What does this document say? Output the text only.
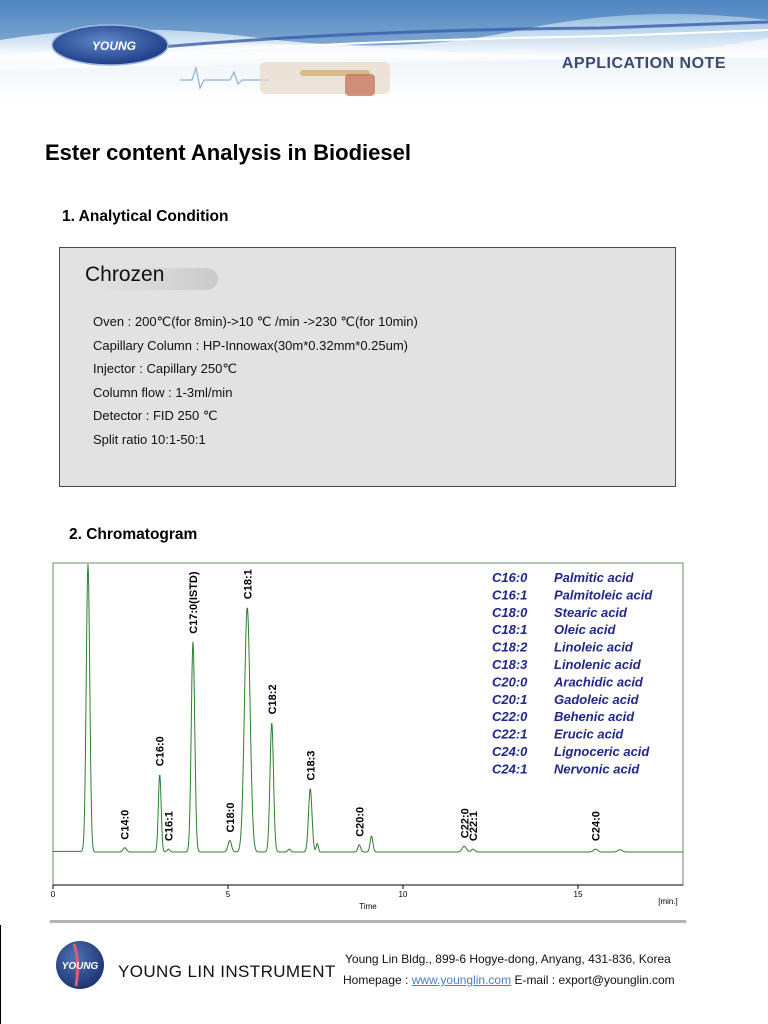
YOUNG
APPLICATION NOTE
Ester content Analysis in Biodiesel
1. Analytical Condition
Chrozen
Oven : 200℃(for 8min)->10 ℃ /min ->230 ℃(for 10min)
Capillary Column : HP-Innowax(30m*0.32mm*0.25um)
Injector : Capillary 250℃
Column flow : 1-3ml/min
Detector : FID 250 ℃
Split ratio 10:1-50:1
2. Chromatogram
C14:0
C16:0
C16:1
C17:0(ISTD)
C18:0
C18:1
C18:2
C18:3
C20:0	C22:0
C22:1	C24:0
0	5	10	15
Time
[min.]
C16:0 Palmitic acid
C16:1 Palmitoleic acid
C18:0 Stearic acid
C18:1 Oleic acid
C18:2 Linoleic acid
C18:3 Linolenic acid
C20:0 Arachidic acid
C20:1 Gadoleic acid
C22:0 Behenic acid
C22:1 Erucic acid
C24:0 Lignoceric acid
C24:1 Nervonic acid
YOUNG YOUNG LIN INSTRUMENT
Young Lin Bldg., 899-6 Hogye-dong, Anyang, 431-836, Korea
Homepage : www.younglin.com E-mail : export@younglin.com
